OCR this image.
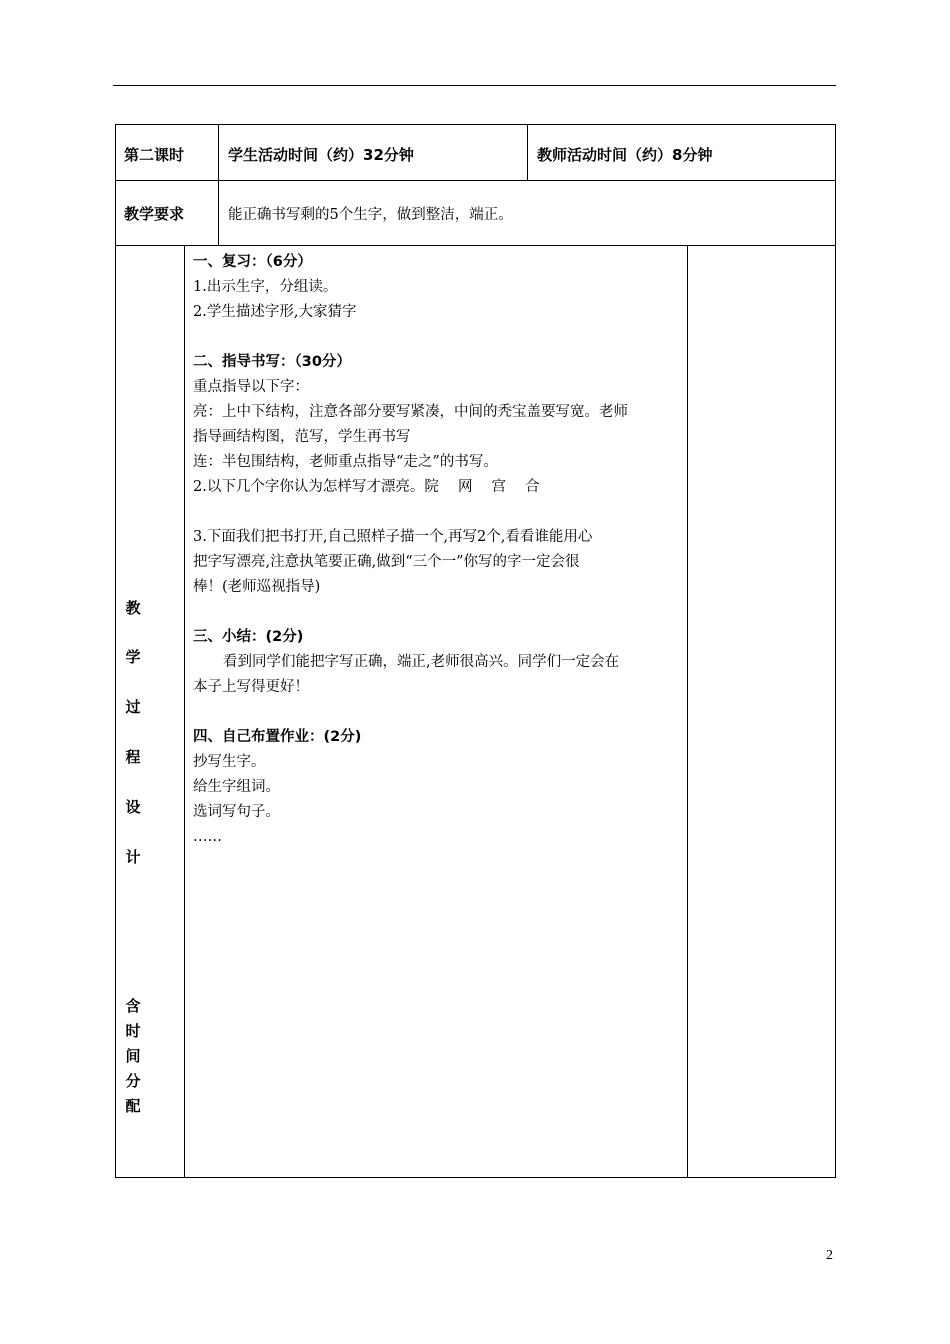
第二课时	学生活动时间（约）32分钟	教师活动时间（约）8分钟
教学要求	能正确书写剩的5个生字，做到整洁，端正。
教
学
过
程
设
计
含
时
间
分
配
一、复习：（6分）
1.出示生字，分组读。
2.学生描述字形,大家猜字
二、指导书写：（30分）
重点指导以下字：
亮：上中下结构，注意各部分要写紧凑，中间的秃宝盖要写宽。老师
指导画结构图，范写，学生再书写
连：半包围结构，老师重点指导“走之”的书写。
2.以下几个字你认为怎样写才漂亮。院　 网　 宫　 合
3.下面我们把书打开,自己照样子描一个,再写2个,看看谁能用心
把字写漂亮,注意执笔要正确,做到“三个一”你写的字一定会很
棒！(老师巡视指导)
三、小结：(2分)
看到同学们能把字写正确，端正,老师很高兴。同学们一定会在
本子上写得更好！
四、自己布置作业：(2分)
抄写生字。
给生字组词。
选词写句子。
……
2
